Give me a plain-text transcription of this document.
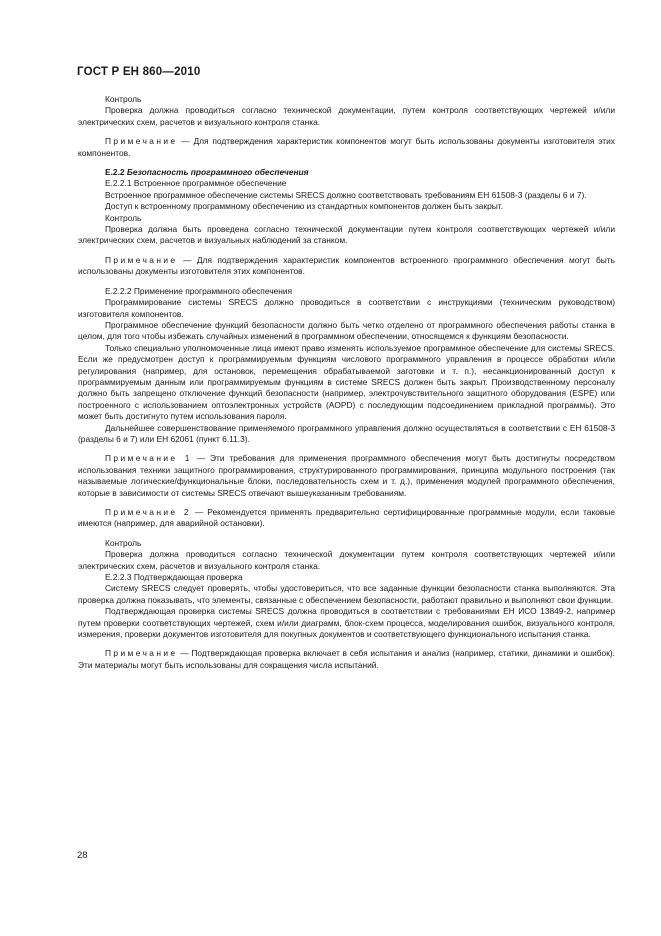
ГОСТ Р ЕН 860—2010

Контроль

Проверка должна проводиться согласно технической документации, путем контроля соответствующих чертежей и/или электрических схем, расчетов и визуального контроля станка.

Примечание — Для подтверждения характеристик компонентов могут быть использованы документы изготовителя этих компонентов.

Е.2.2 Безопасность программного обеспечения

Е.2.2.1 Встроенное программное обеспечение

Встроенное программное обеспечение системы SRECS должно соответствовать требованиям ЕН 61508-3 (разделы 6 и 7).

Доступ к встроенному программному обеспечению из стандартных компонентов должен быть закрыт.

Контроль

Проверка должна быть проведена согласно технической документации путем контроля соответствующих чертежей и/или электрических схем, расчетов и визуальных наблюдений за станком.

Примечание — Для подтверждения характеристик компонентов встроенного программного обеспечения могут быть использованы документы изготовителя этих компонентов.

Е.2.2.2 Применение программного обеспечения

Программирование системы SRECS должно проводиться в соответствии с инструкциями (техническим руководством) изготовителя компонентов.

Программное обеспечение функций безопасности должно быть четко отделено от программного обеспечения работы станка в целом, для того чтобы избежать случайных изменений в программном обеспечении, относящемся к функциям безопасности.

Только специально уполномоченные лица имеют право изменять используемое программное обеспечение для системы SRECS. Если же предусмотрен доступ к программируемым функциям числового программного управления в процессе обработки и/или регулирования (например, для остановок, перемещения обрабатываемой заготовки и т. п.), несанкционированный доступ к программируемым данным или программируемым функциям в системе SRECS должен быть закрыт. Производственному персоналу должно быть запрещено отключение функций безопасности (например, электрочувствительного защитного оборудования (ESPE) или построенного с использованием оптоэлектронных устройств (AOPD) с последующим подсоединением прикладной программы). Это может быть достигнуто путем использования пароля.

Дальнейшее совершенствование применяемого программного управления должно осуществляться в соответствии с ЕН 61508-3 (разделы 6 и 7) или ЕН 62061 (пункт 6.11.3).

Примечание 1 — Эти требования для применения программного обеспечения могут быть достигнуты посредством использования техники защитного программирования, структурированного программирования, принципа модульного построения (так называемые логические/функциональные блоки, последовательность схем и т. д.), применения модулей программного обеспечения, которые в зависимости от системы SRECS отвечают вышеуказанным требованиям.

Примечание 2 — Рекомендуется применять предварительно сертифицированные программные модули, если таковые имеются (например, для аварийной остановки).

Контроль

Проверка должна проводиться согласно технической документации путем контроля соответствующих чертежей и/или электрических схем, расчетов и визуального контроля станка.

Е.2.2.3 Подтверждающая проверка

Систему SRECS следует проверять, чтобы удостовериться, что все заданные функции безопасности станка выполняются. Эта проверка должна показывать, что элементы, связанные с обеспечением безопасности, работают правильно и выполняют свои функции.

Подтверждающая проверка системы SRECS должна проводиться в соответствии с требованиями ЕН ИСО 13849-2, например путем проверки соответствующих чертежей, схем и/или диаграмм, блок-схем процесса, моделирования ошибок, визуального контроля, измерения, проверки документов изготовителя для покупных документов и соответствующего функционального испытания станка.

Примечание — Подтверждающая проверка включает в себя испытания и анализ (например, статики, динамики и ошибок). Эти материалы могут быть использованы для сокращения числа испытаний.

28
